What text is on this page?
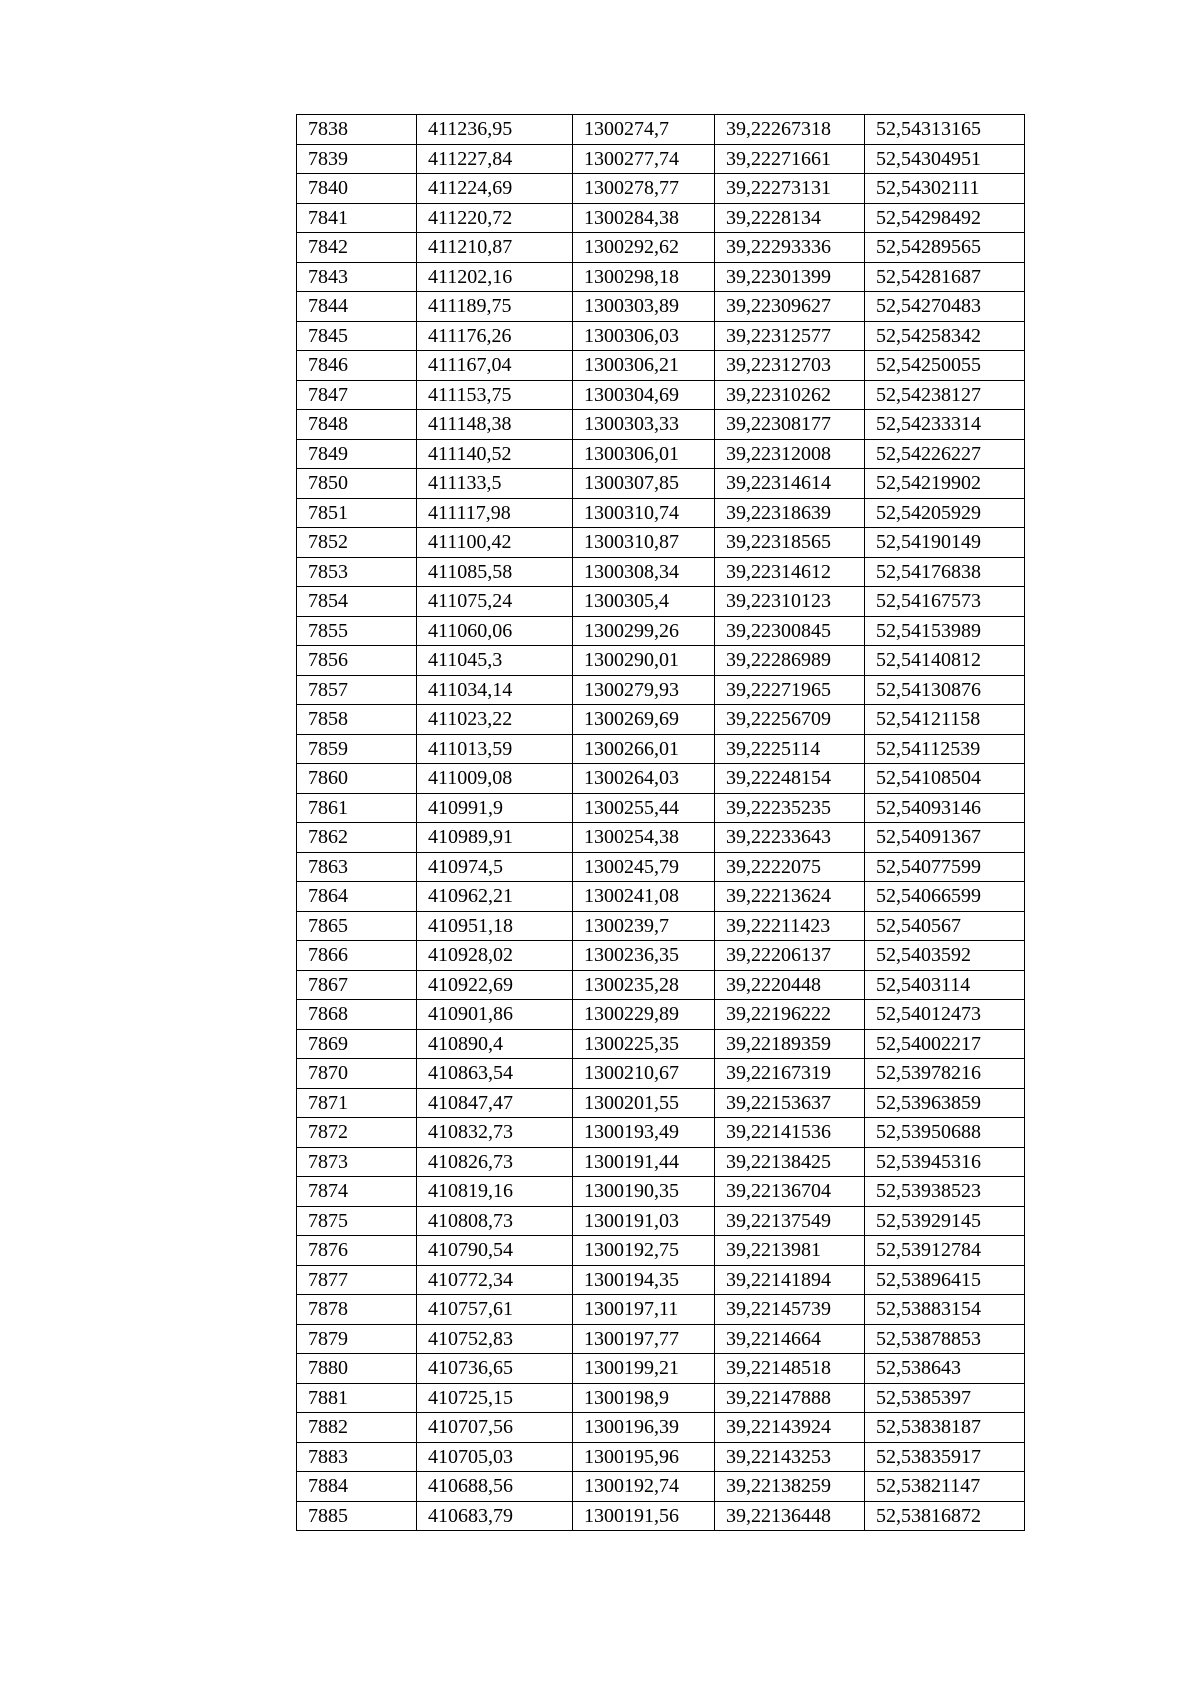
7838	411236,95	1300274,7	39,22267318	52,54313165
7839	411227,84	1300277,74	39,22271661	52,54304951
7840	411224,69	1300278,77	39,22273131	52,54302111
7841	411220,72	1300284,38	39,2228134	52,54298492
7842	411210,87	1300292,62	39,22293336	52,54289565
7843	411202,16	1300298,18	39,22301399	52,54281687
7844	411189,75	1300303,89	39,22309627	52,54270483
7845	411176,26	1300306,03	39,22312577	52,54258342
7846	411167,04	1300306,21	39,22312703	52,54250055
7847	411153,75	1300304,69	39,22310262	52,54238127
7848	411148,38	1300303,33	39,22308177	52,54233314
7849	411140,52	1300306,01	39,22312008	52,54226227
7850	411133,5	1300307,85	39,22314614	52,54219902
7851	411117,98	1300310,74	39,22318639	52,54205929
7852	411100,42	1300310,87	39,22318565	52,54190149
7853	411085,58	1300308,34	39,22314612	52,54176838
7854	411075,24	1300305,4	39,22310123	52,54167573
7855	411060,06	1300299,26	39,22300845	52,54153989
7856	411045,3	1300290,01	39,22286989	52,54140812
7857	411034,14	1300279,93	39,22271965	52,54130876
7858	411023,22	1300269,69	39,22256709	52,54121158
7859	411013,59	1300266,01	39,2225114	52,54112539
7860	411009,08	1300264,03	39,22248154	52,54108504
7861	410991,9	1300255,44	39,22235235	52,54093146
7862	410989,91	1300254,38	39,22233643	52,54091367
7863	410974,5	1300245,79	39,2222075	52,54077599
7864	410962,21	1300241,08	39,22213624	52,54066599
7865	410951,18	1300239,7	39,22211423	52,540567
7866	410928,02	1300236,35	39,22206137	52,5403592
7867	410922,69	1300235,28	39,2220448	52,5403114
7868	410901,86	1300229,89	39,22196222	52,54012473
7869	410890,4	1300225,35	39,22189359	52,54002217
7870	410863,54	1300210,67	39,22167319	52,53978216
7871	410847,47	1300201,55	39,22153637	52,53963859
7872	410832,73	1300193,49	39,22141536	52,53950688
7873	410826,73	1300191,44	39,22138425	52,53945316
7874	410819,16	1300190,35	39,22136704	52,53938523
7875	410808,73	1300191,03	39,22137549	52,53929145
7876	410790,54	1300192,75	39,2213981	52,53912784
7877	410772,34	1300194,35	39,22141894	52,53896415
7878	410757,61	1300197,11	39,22145739	52,53883154
7879	410752,83	1300197,77	39,2214664	52,53878853
7880	410736,65	1300199,21	39,22148518	52,538643
7881	410725,15	1300198,9	39,22147888	52,5385397
7882	410707,56	1300196,39	39,22143924	52,53838187
7883	410705,03	1300195,96	39,22143253	52,53835917
7884	410688,56	1300192,74	39,22138259	52,53821147
7885	410683,79	1300191,56	39,22136448	52,53816872
